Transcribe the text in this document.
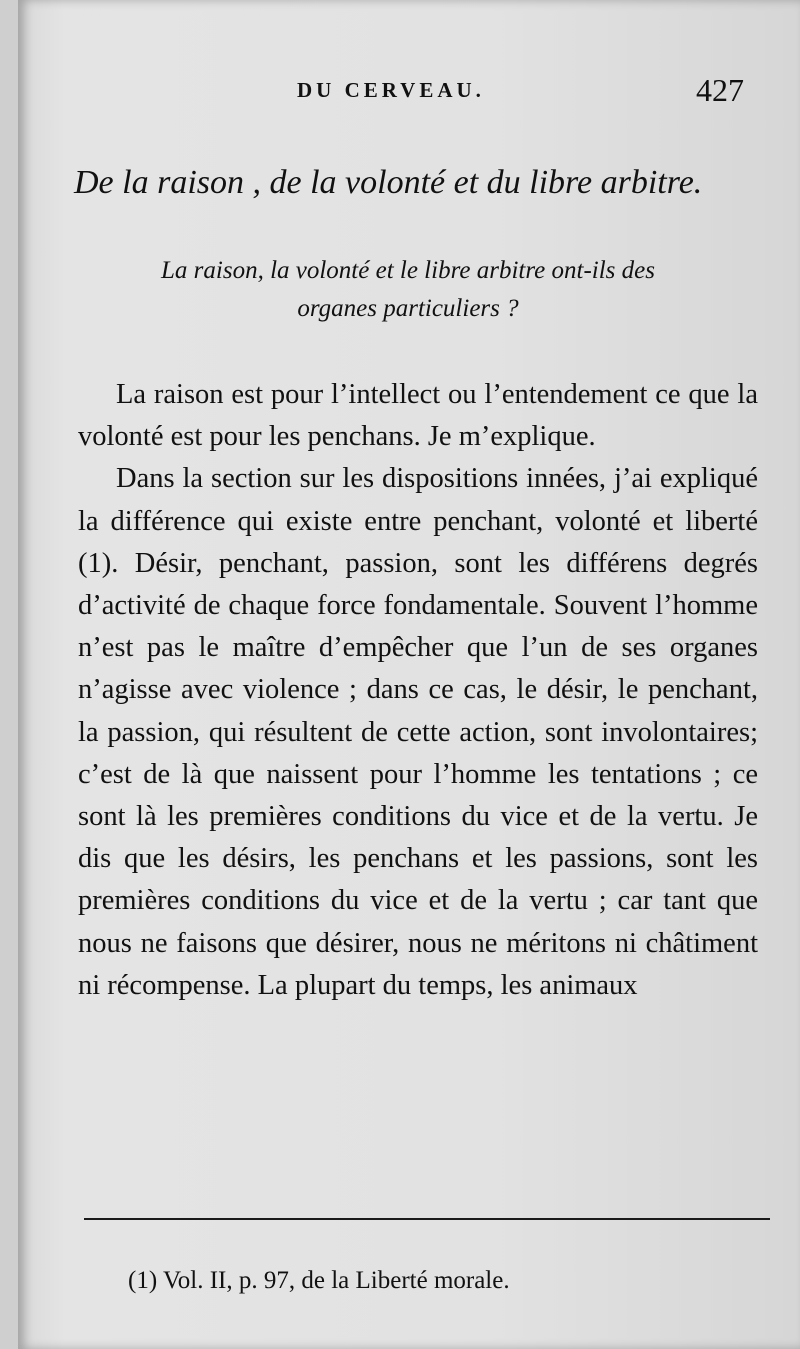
DU CERVEAU.	427
De la raison , de la volonté et du libre arbitre.
La raison, la volonté et le libre arbitre ont-ils des
organes particuliers ?

La raison est pour l’intellect ou l’entendement ce que la volonté est pour les penchans. Je m’explique.

Dans la section sur les dispositions innées, j’ai expliqué la différence qui existe entre penchant, volonté et liberté (1). Désir, penchant, passion, sont les différens degrés d’activité de chaque force fondamentale. Souvent l’homme n’est pas le maître d’empêcher que l’un de ses organes n’agisse avec violence ; dans ce cas, le désir, le penchant, la passion, qui résultent de cette action, sont involontaires; c’est de là que naissent pour l’homme les tentations ; ce sont là les premières conditions du vice et de la vertu. Je dis que les désirs, les penchans et les passions, sont les premières conditions du vice et de la vertu ; car tant que nous ne faisons que désirer, nous ne méritons ni châtiment ni récompense. La plupart du temps, les animaux

(1) Vol. II, p. 97, de la Liberté morale.
